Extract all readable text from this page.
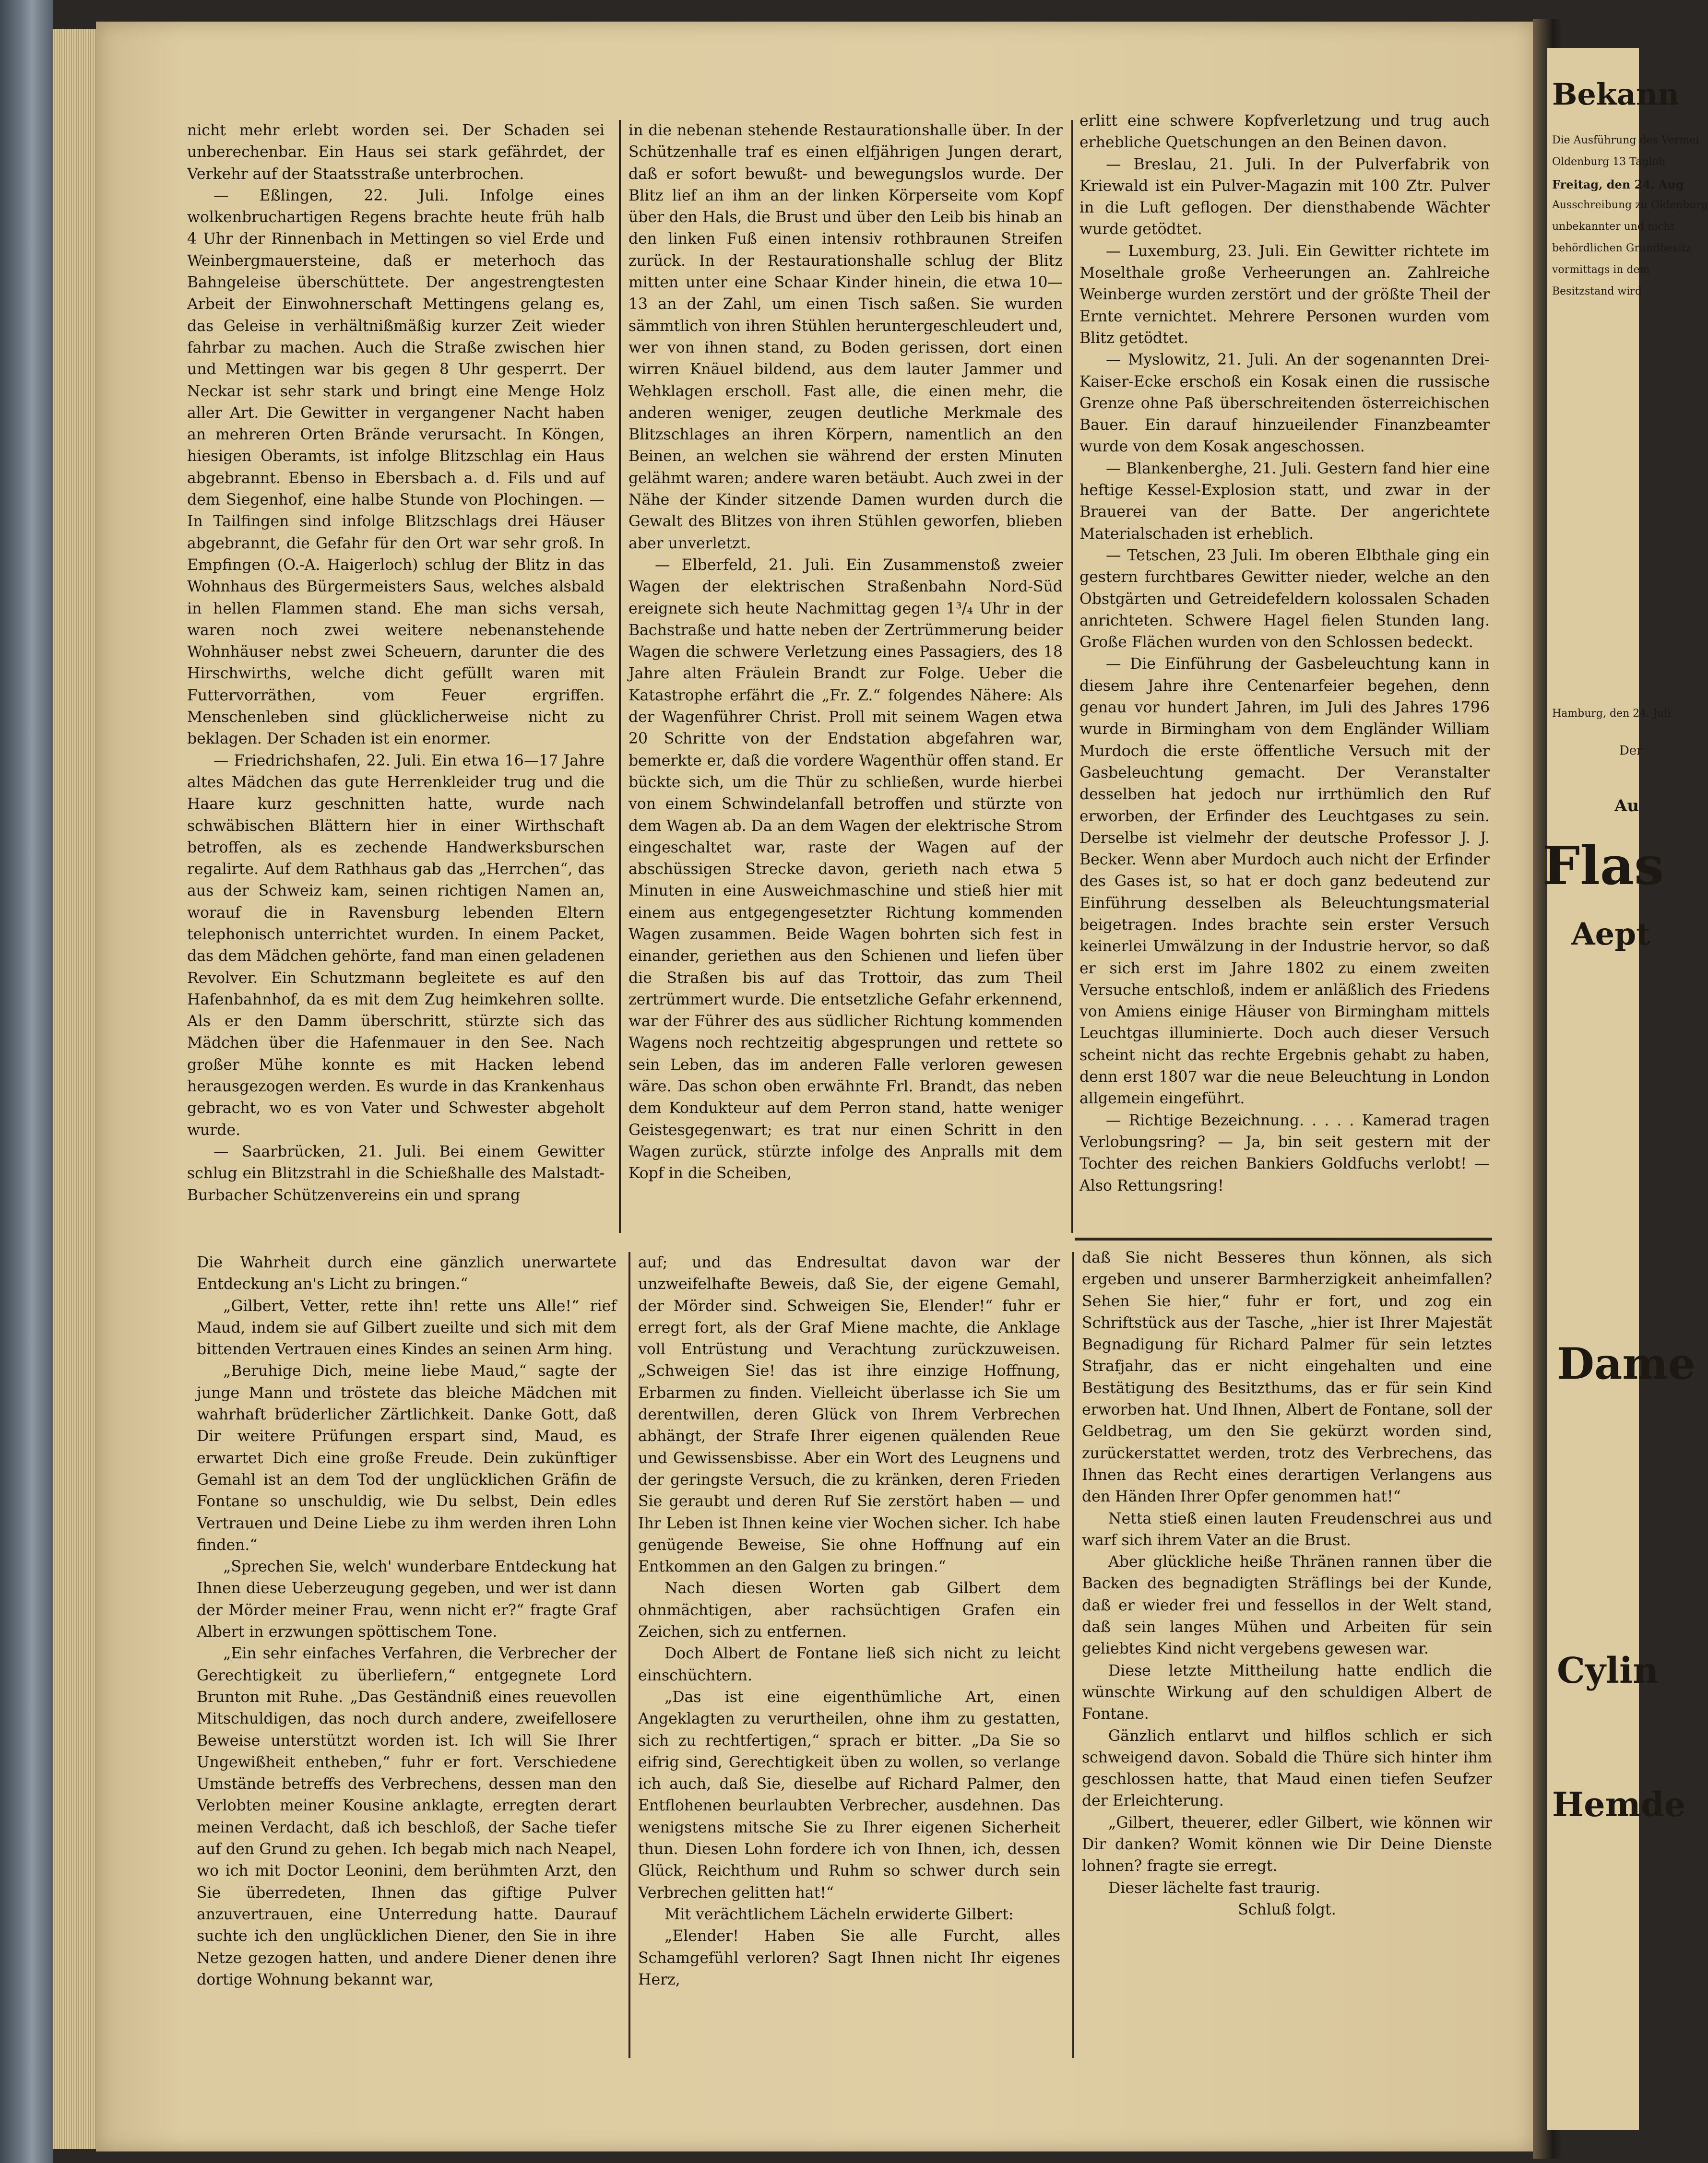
Bekann
Die Ausführung des Vermei
Oldenburg 13 Tagloh
Freitag, den 24. Aug
Ausschreibung zu Oldenburg
unbekannter und nicht
behördlichen Grundbesitz
vormittags in dem
Besitzstand wird
Hamburg, den 24. Juli
Der
Au
Flas
Aept
Dame
Cylin
Hemde

nicht mehr erlebt worden sei. Der Schaden sei unberechenbar. Ein Haus sei stark gefährdet, der Verkehr auf der Staatsstraße unterbrochen.

— Eßlingen, 22. Juli. Infolge eines wolkenbruchartigen Regens brachte heute früh halb 4 Uhr der Rinnenbach in Mettingen so viel Erde und Weinbergmauersteine, daß er meterhoch das Bahngeleise überschüttete. Der angestrengtesten Arbeit der Einwohnerschaft Mettingens gelang es, das Geleise in verhältnißmäßig kurzer Zeit wieder fahrbar zu machen. Auch die Straße zwischen hier und Mettingen war bis gegen 8 Uhr gesperrt. Der Neckar ist sehr stark und bringt eine Menge Holz aller Art. Die Gewitter in vergangener Nacht haben an mehreren Orten Brände verursacht. In Köngen, hiesigen Oberamts, ist infolge Blitzschlag ein Haus abgebrannt. Ebenso in Ebersbach a. d. Fils und auf dem Siegenhof, eine halbe Stunde von Plochingen. — In Tailfingen sind infolge Blitzschlags drei Häuser abgebrannt, die Gefahr für den Ort war sehr groß. In Empfingen (O.-A. Haigerloch) schlug der Blitz in das Wohnhaus des Bürgermeisters Saus, welches alsbald in hellen Flammen stand. Ehe man sichs versah, waren noch zwei weitere nebenanstehende Wohnhäuser nebst zwei Scheuern, darunter die des Hirschwirths, welche dicht gefüllt waren mit Futtervorräthen, vom Feuer ergriffen. Menschenleben sind glücklicherweise nicht zu beklagen. Der Schaden ist ein enormer.

— Friedrichshafen, 22. Juli. Ein etwa 16—17 Jahre altes Mädchen das gute Herrenkleider trug und die Haare kurz geschnitten hatte, wurde nach schwäbischen Blättern hier in einer Wirthschaft betroffen, als es zechende Handwerksburschen regalirte. Auf dem Rathhaus gab das „Herrchen“, das aus der Schweiz kam, seinen richtigen Namen an, worauf die in Ravensburg lebenden Eltern telephonisch unterrichtet wurden. In einem Packet, das dem Mädchen gehörte, fand man einen geladenen Revolver. Ein Schutzmann begleitete es auf den Hafenbahnhof, da es mit dem Zug heimkehren sollte. Als er den Damm überschritt, stürzte sich das Mädchen über die Hafenmauer in den See. Nach großer Mühe konnte es mit Hacken lebend herausgezogen werden. Es wurde in das Krankenhaus gebracht, wo es von Vater und Schwester abgeholt wurde.

— Saarbrücken, 21. Juli. Bei einem Gewitter schlug ein Blitzstrahl in die Schießhalle des Malstadt-Burbacher Schützenvereins ein und sprang

in die nebenan stehende Restaurationshalle über. In der Schützenhalle traf es einen elfjährigen Jungen derart, daß er sofort bewußt- und bewegungslos wurde. Der Blitz lief an ihm an der linken Körperseite vom Kopf über den Hals, die Brust und über den Leib bis hinab an den linken Fuß einen intensiv rothbraunen Streifen zurück. In der Restaurationshalle schlug der Blitz mitten unter eine Schaar Kinder hinein, die etwa 10—13 an der Zahl, um einen Tisch saßen. Sie wurden sämmtlich von ihren Stühlen heruntergeschleudert und, wer von ihnen stand, zu Boden gerissen, dort einen wirren Knäuel bildend, aus dem lauter Jammer und Wehklagen erscholl. Fast alle, die einen mehr, die anderen weniger, zeugen deutliche Merkmale des Blitzschlages an ihren Körpern, namentlich an den Beinen, an welchen sie während der ersten Minuten gelähmt waren; andere waren betäubt. Auch zwei in der Nähe der Kinder sitzende Damen wurden durch die Gewalt des Blitzes von ihren Stühlen geworfen, blieben aber unverletzt.

— Elberfeld, 21. Juli. Ein Zusammenstoß zweier Wagen der elektrischen Straßenbahn Nord-Süd ereignete sich heute Nachmittag gegen 1³/₄ Uhr in der Bachstraße und hatte neben der Zertrümmerung beider Wagen die schwere Verletzung eines Passagiers, des 18 Jahre alten Fräulein Brandt zur Folge. Ueber die Katastrophe erfährt die „Fr. Z.“ folgendes Nähere: Als der Wagenführer Christ. Proll mit seinem Wagen etwa 20 Schritte von der Endstation abgefahren war, bemerkte er, daß die vordere Wagenthür offen stand. Er bückte sich, um die Thür zu schließen, wurde hierbei von einem Schwindelanfall betroffen und stürzte von dem Wagen ab. Da an dem Wagen der elektrische Strom eingeschaltet war, raste der Wagen auf der abschüssigen Strecke davon, gerieth nach etwa 5 Minuten in eine Ausweichmaschine und stieß hier mit einem aus entgegengesetzter Richtung kommenden Wagen zusammen. Beide Wagen bohrten sich fest in einander, geriethen aus den Schienen und liefen über die Straßen bis auf das Trottoir, das zum Theil zertrümmert wurde. Die entsetzliche Gefahr erkennend, war der Führer des aus südlicher Richtung kommenden Wagens noch rechtzeitig abgesprungen und rettete so sein Leben, das im anderen Falle verloren gewesen wäre. Das schon oben erwähnte Frl. Brandt, das neben dem Kondukteur auf dem Perron stand, hatte weniger Geistesgegenwart; es trat nur einen Schritt in den Wagen zurück, stürzte infolge des Anpralls mit dem Kopf in die Scheiben,

erlitt eine schwere Kopfverletzung und trug auch erhebliche Quetschungen an den Beinen davon.

— Breslau, 21. Juli. In der Pulverfabrik von Kriewald ist ein Pulver-Magazin mit 100 Ztr. Pulver in die Luft geflogen. Der diensthabende Wächter wurde getödtet.

— Luxemburg, 23. Juli. Ein Gewitter richtete im Moselthale große Verheerungen an. Zahlreiche Weinberge wurden zerstört und der größte Theil der Ernte vernichtet. Mehrere Personen wurden vom Blitz getödtet.

— Myslowitz, 21. Juli. An der sogenannten Drei-Kaiser-Ecke erschoß ein Kosak einen die russische Grenze ohne Paß überschreitenden österreichischen Bauer. Ein darauf hinzueilender Finanzbeamter wurde von dem Kosak angeschossen.

— Blankenberghe, 21. Juli. Gestern fand hier eine heftige Kessel-Explosion statt, und zwar in der Brauerei van der Batte. Der angerichtete Materialschaden ist erheblich.

— Tetschen, 23 Juli. Im oberen Elbthale ging ein gestern furchtbares Gewitter nieder, welche an den Obstgärten und Getreidefeldern kolossalen Schaden anrichteten. Schwere Hagel fielen Stunden lang. Große Flächen wurden von den Schlossen bedeckt.

— Die Einführung der Gasbeleuchtung kann in diesem Jahre ihre Centenarfeier begehen, denn genau vor hundert Jahren, im Juli des Jahres 1796 wurde in Birmingham von dem Engländer William Murdoch die erste öffentliche Versuch mit der Gasbeleuchtung gemacht. Der Veranstalter desselben hat jedoch nur irrthümlich den Ruf erworben, der Erfinder des Leuchtgases zu sein. Derselbe ist vielmehr der deutsche Professor J. J. Becker. Wenn aber Murdoch auch nicht der Erfinder des Gases ist, so hat er doch ganz bedeutend zur Einführung desselben als Beleuchtungsmaterial beigetragen. Indes brachte sein erster Versuch keinerlei Umwälzung in der Industrie hervor, so daß er sich erst im Jahre 1802 zu einem zweiten Versuche entschloß, indem er anläßlich des Friedens von Amiens einige Häuser von Birmingham mittels Leuchtgas illuminierte. Doch auch dieser Versuch scheint nicht das rechte Ergebnis gehabt zu haben, denn erst 1807 war die neue Beleuchtung in London allgemein eingeführt.

— Richtige Bezeichnung. . . . . Kamerad tragen Verlobungsring? — Ja, bin seit gestern mit der Tochter des reichen Bankiers Goldfuchs verlobt! — Also Rettungsring!

Die Wahrheit durch eine gänzlich unerwartete Entdeckung an's Licht zu bringen.“

„Gilbert, Vetter, rette ihn! rette uns Alle!“ rief Maud, indem sie auf Gilbert zueilte und sich mit dem bittenden Vertrauen eines Kindes an seinen Arm hing.

„Beruhige Dich, meine liebe Maud,“ sagte der junge Mann und tröstete das bleiche Mädchen mit wahrhaft brüderlicher Zärtlichkeit. Danke Gott, daß Dir weitere Prüfungen erspart sind, Maud, es erwartet Dich eine große Freude. Dein zukünftiger Gemahl ist an dem Tod der unglücklichen Gräfin de Fontane so unschuldig, wie Du selbst, Dein edles Vertrauen und Deine Liebe zu ihm werden ihren Lohn finden.“

„Sprechen Sie, welch' wunderbare Entdeckung hat Ihnen diese Ueberzeugung gegeben, und wer ist dann der Mörder meiner Frau, wenn nicht er?“ fragte Graf Albert in erzwungen spöttischem Tone.

„Ein sehr einfaches Verfahren, die Verbrecher der Gerechtigkeit zu überliefern,“ entgegnete Lord Brunton mit Ruhe. „Das Geständniß eines reuevollen Mitschuldigen, das noch durch andere, zweifellosere Beweise unterstützt worden ist. Ich will Sie Ihrer Ungewißheit entheben,“ fuhr er fort. Verschiedene Umstände betreffs des Verbrechens, dessen man den Verlobten meiner Kousine anklagte, erregten derart meinen Verdacht, daß ich beschloß, der Sache tiefer auf den Grund zu gehen. Ich begab mich nach Neapel, wo ich mit Doctor Leonini, dem berühmten Arzt, den Sie überredeten, Ihnen das giftige Pulver anzuvertrauen, eine Unterredung hatte. Daurauf suchte ich den unglücklichen Diener, den Sie in ihre Netze gezogen hatten, und andere Diener denen ihre dortige Wohnung bekannt war,

auf; und das Endresultat davon war der unzweifelhafte Beweis, daß Sie, der eigene Gemahl, der Mörder sind. Schweigen Sie, Elender!“ fuhr er erregt fort, als der Graf Miene machte, die Anklage voll Entrüstung und Verachtung zurückzuweisen. „Schweigen Sie! das ist ihre einzige Hoffnung, Erbarmen zu finden. Vielleicht überlasse ich Sie um derentwillen, deren Glück von Ihrem Verbrechen abhängt, der Strafe Ihrer eigenen quälenden Reue und Gewissensbisse. Aber ein Wort des Leugnens und der geringste Versuch, die zu kränken, deren Frieden Sie geraubt und deren Ruf Sie zerstört haben — und Ihr Leben ist Ihnen keine vier Wochen sicher. Ich habe genügende Beweise, Sie ohne Hoffnung auf ein Entkommen an den Galgen zu bringen.“

Nach diesen Worten gab Gilbert dem ohnmächtigen, aber rachsüchtigen Grafen ein Zeichen, sich zu entfernen.

Doch Albert de Fontane ließ sich nicht zu leicht einschüchtern.

„Das ist eine eigenthümliche Art, einen Angeklagten zu verurtheilen, ohne ihm zu gestatten, sich zu rechtfertigen,“ sprach er bitter. „Da Sie so eifrig sind, Gerechtigkeit üben zu wollen, so verlange ich auch, daß Sie, dieselbe auf Richard Palmer, den Entflohenen beurlaubten Verbrecher, ausdehnen. Das wenigstens mitsche Sie zu Ihrer eigenen Sicherheit thun. Diesen Lohn fordere ich von Ihnen, ich, dessen Glück, Reichthum und Ruhm so schwer durch sein Verbrechen gelitten hat!“

Mit verächtlichem Lächeln erwiderte Gilbert:

„Elender! Haben Sie alle Furcht, alles Schamgefühl verloren? Sagt Ihnen nicht Ihr eigenes Herz,

daß Sie nicht Besseres thun können, als sich ergeben und unserer Barmherzigkeit anheimfallen? Sehen Sie hier,“ fuhr er fort, und zog ein Schriftstück aus der Tasche, „hier ist Ihrer Majestät Begnadigung für Richard Palmer für sein letztes Strafjahr, das er nicht eingehalten und eine Bestätigung des Besitzthums, das er für sein Kind erworben hat. Und Ihnen, Albert de Fontane, soll der Geldbetrag, um den Sie gekürzt worden sind, zurückerstattet werden, trotz des Verbrechens, das Ihnen das Recht eines derartigen Verlangens aus den Händen Ihrer Opfer genommen hat!“

Netta stieß einen lauten Freudenschrei aus und warf sich ihrem Vater an die Brust.

Aber glückliche heiße Thränen rannen über die Backen des begnadigten Sträflings bei der Kunde, daß er wieder frei und fessellos in der Welt stand, daß sein langes Mühen und Arbeiten für sein geliebtes Kind nicht vergebens gewesen war.

Diese letzte Mittheilung hatte endlich die wünschte Wirkung auf den schuldigen Albert de Fontane.

Gänzlich entlarvt und hilflos schlich er sich schweigend davon. Sobald die Thüre sich hinter ihm geschlossen hatte, that Maud einen tiefen Seufzer der Erleichterung.

„Gilbert, theuerer, edler Gilbert, wie können wir Dir danken? Womit können wie Dir Deine Dienste lohnen? fragte sie erregt.

Dieser lächelte fast traurig.

Schluß folgt.
